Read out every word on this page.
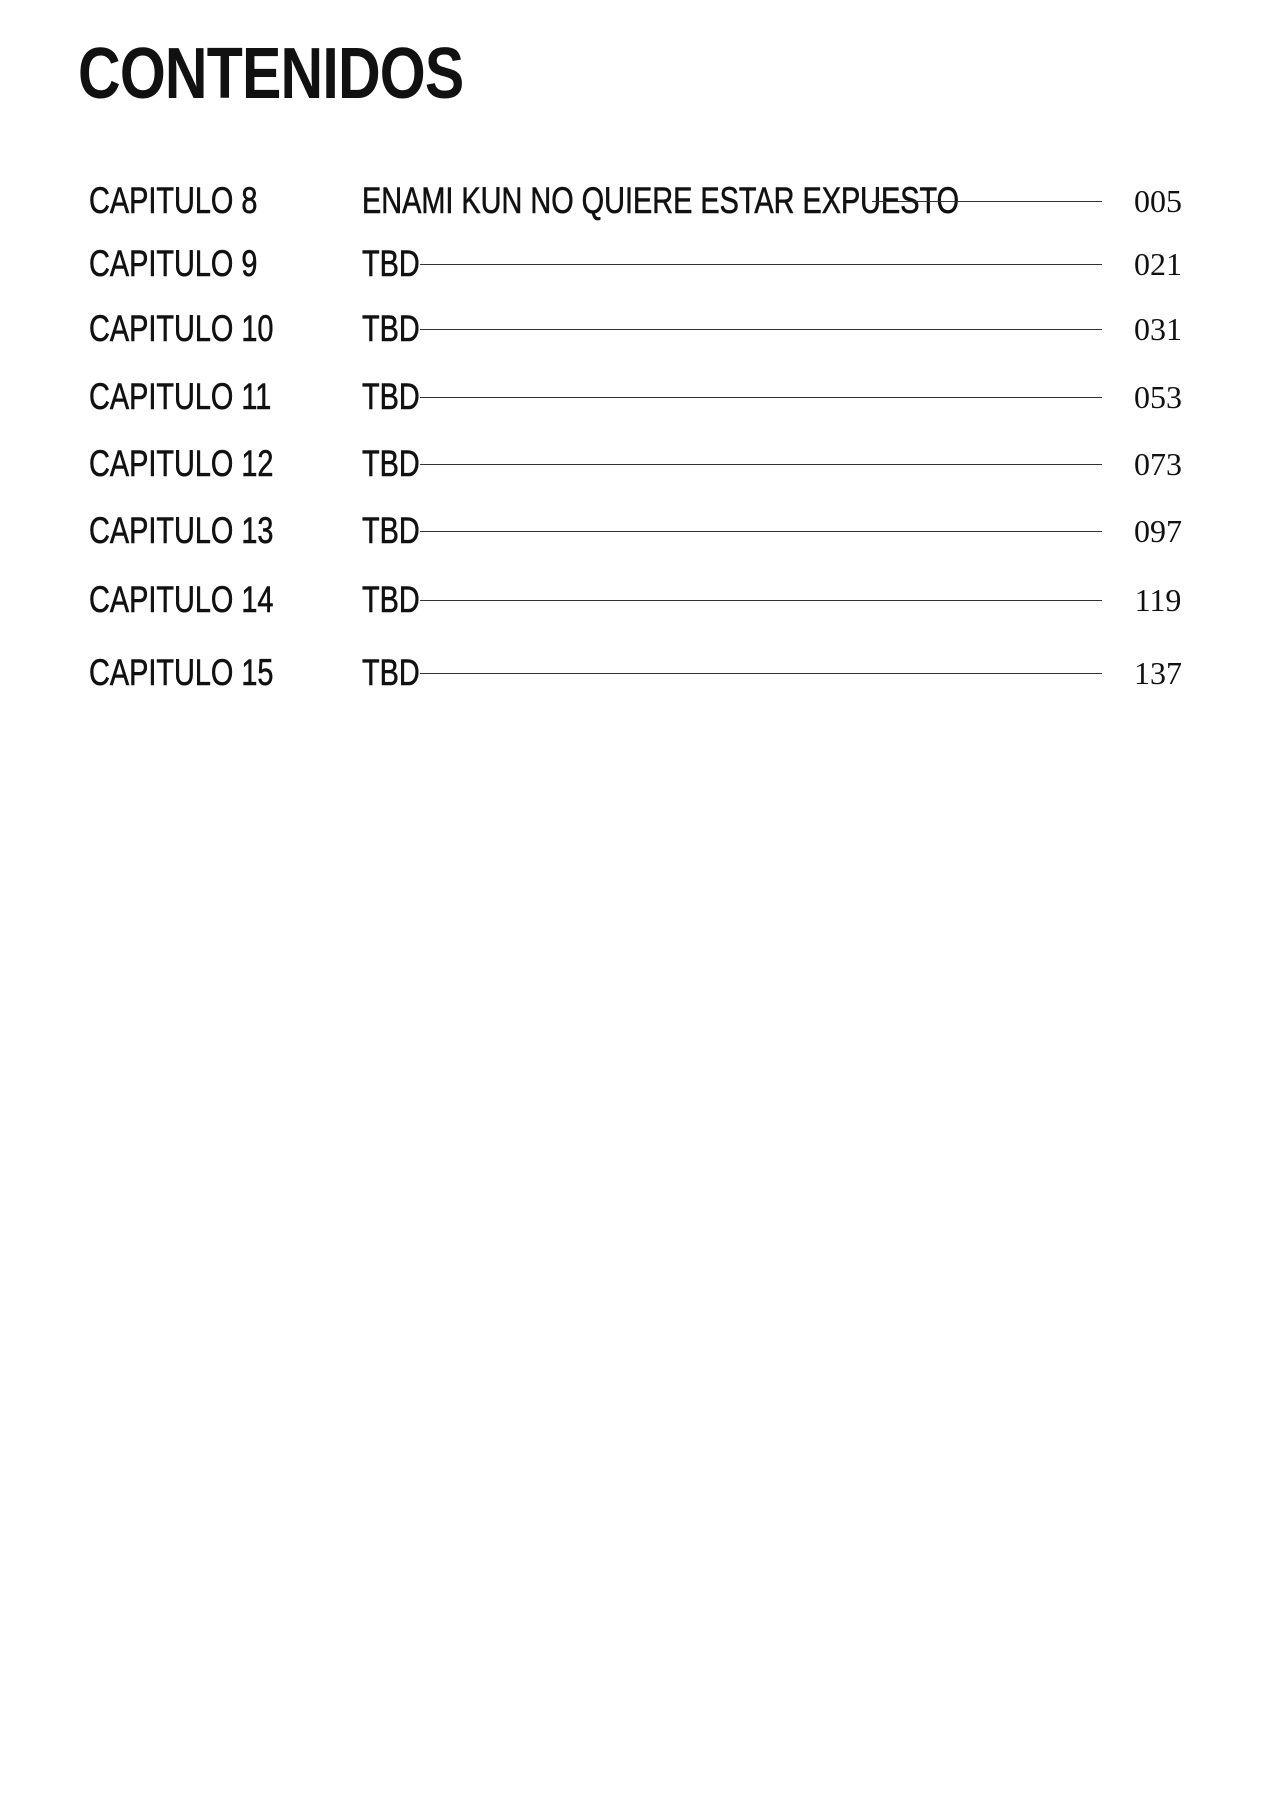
CONTENIDOS
CAPITULO 8	ENAMI KUN NO QUIERE ESTAR EXPUESTO	005
CAPITULO 9	TBD	021
CAPITULO 10 TBD	031
CAPITULO 11 TBD	053
CAPITULO 12 TBD	073
CAPITULO 13 TBD	097
CAPITULO 14 TBD	119
CAPITULO 15 TBD	137
